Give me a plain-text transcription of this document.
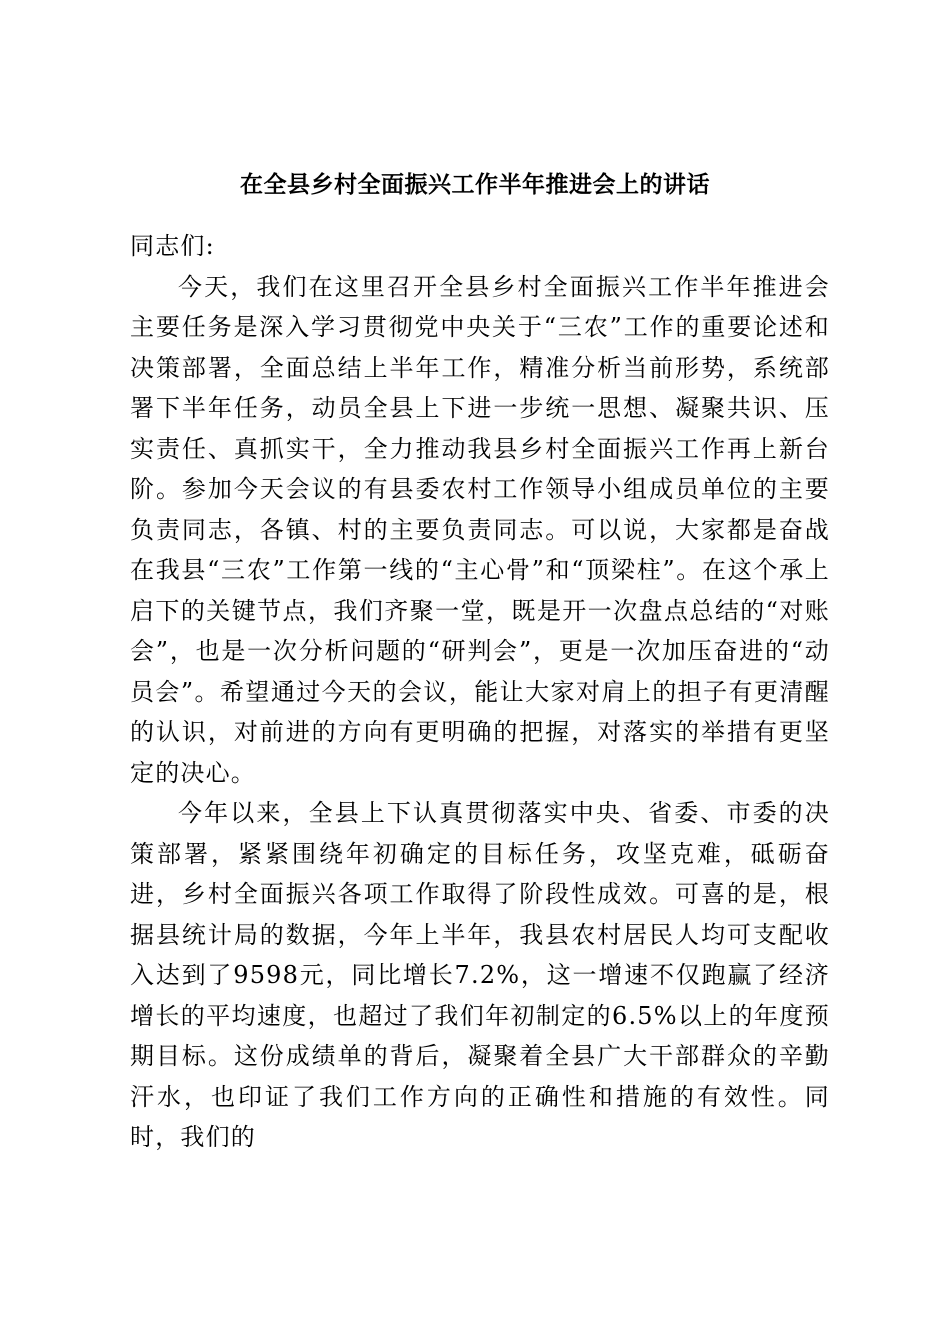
在全县乡村全面振兴工作半年推进会上的讲话

同志们:

今天，我们在这里召开全县乡村全面振兴工作半年推进会主要任务是深入学习贯彻党中央关于“三农”工作的重要论述和决策部署，全面总结上半年工作，精准分析当前形势，系统部署下半年任务，动员全县上下进一步统一思想、凝聚共识、压实责任、真抓实干，全力推动我县乡村全面振兴工作再上新台阶。参加今天会议的有县委农村工作领导小组成员单位的主要负责同志，各镇、村的主要负责同志。可以说，大家都是奋战在我县“三农”工作第一线的“主心骨”和“顶梁柱”。在这个承上启下的关键节点，我们齐聚一堂，既是开一次盘点总结的“对账会”，也是一次分析问题的“研判会”，更是一次加压奋进的“动员会”。希望通过今天的会议，能让大家对肩上的担子有更清醒的认识，对前进的方向有更明确的把握，对落实的举措有更坚定的决心。

今年以来，全县上下认真贯彻落实中央、省委、市委的决策部署，紧紧围绕年初确定的目标任务，攻坚克难，砥砺奋进，乡村全面振兴各项工作取得了阶段性成效。可喜的是，根据县统计局的数据，今年上半年，我县农村居民人均可支配收入达到了9598元，同比增长7.2%，这一增速不仅跑赢了经济增长的平均速度，也超过了我们年初制定的6.5%以上的年度预期目标。这份成绩单的背后，凝聚着全县广大干部群众的辛勤汗水，也印证了我们工作方向的正确性和措施的有效性。同时，我们的
